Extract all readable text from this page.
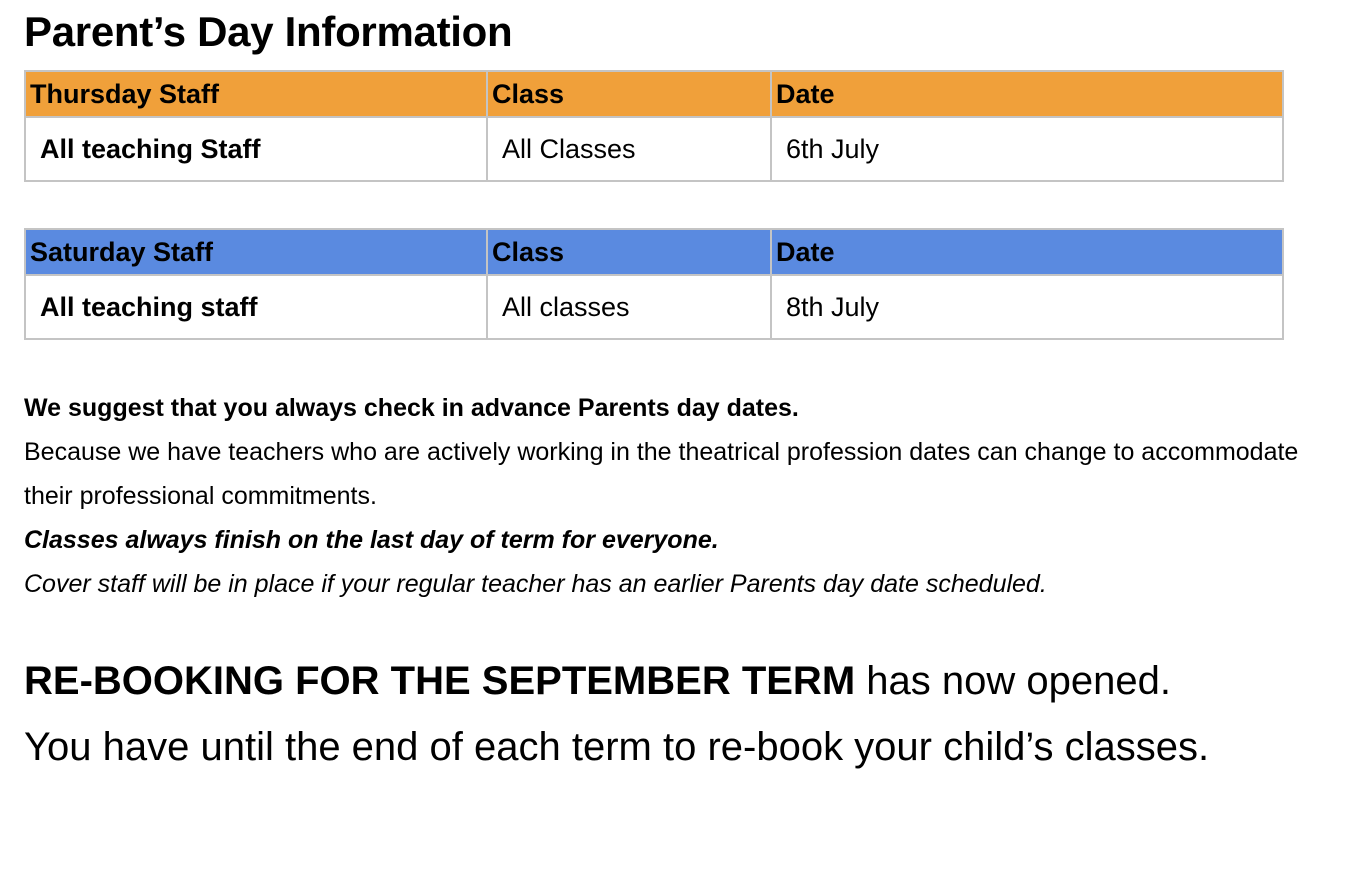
Parent’s Day Information
Thursday Staff	Class	Date
All teaching Staff	All Classes	6th July
Saturday Staff	Class	Date
All teaching staff	All classes	8th July

We suggest that you always check in advance Parents day dates.

Because we have teachers who are actively working in the theatrical profession dates can change to accommodate their professional commitments.

Classes always finish on the last day of term for everyone.

Cover staff will be in place if your regular teacher has an earlier Parents day date scheduled.

RE-BOOKING FOR THE SEPTEMBER TERM has now opened.

You have until the end of each term to re-book your child’s classes.
